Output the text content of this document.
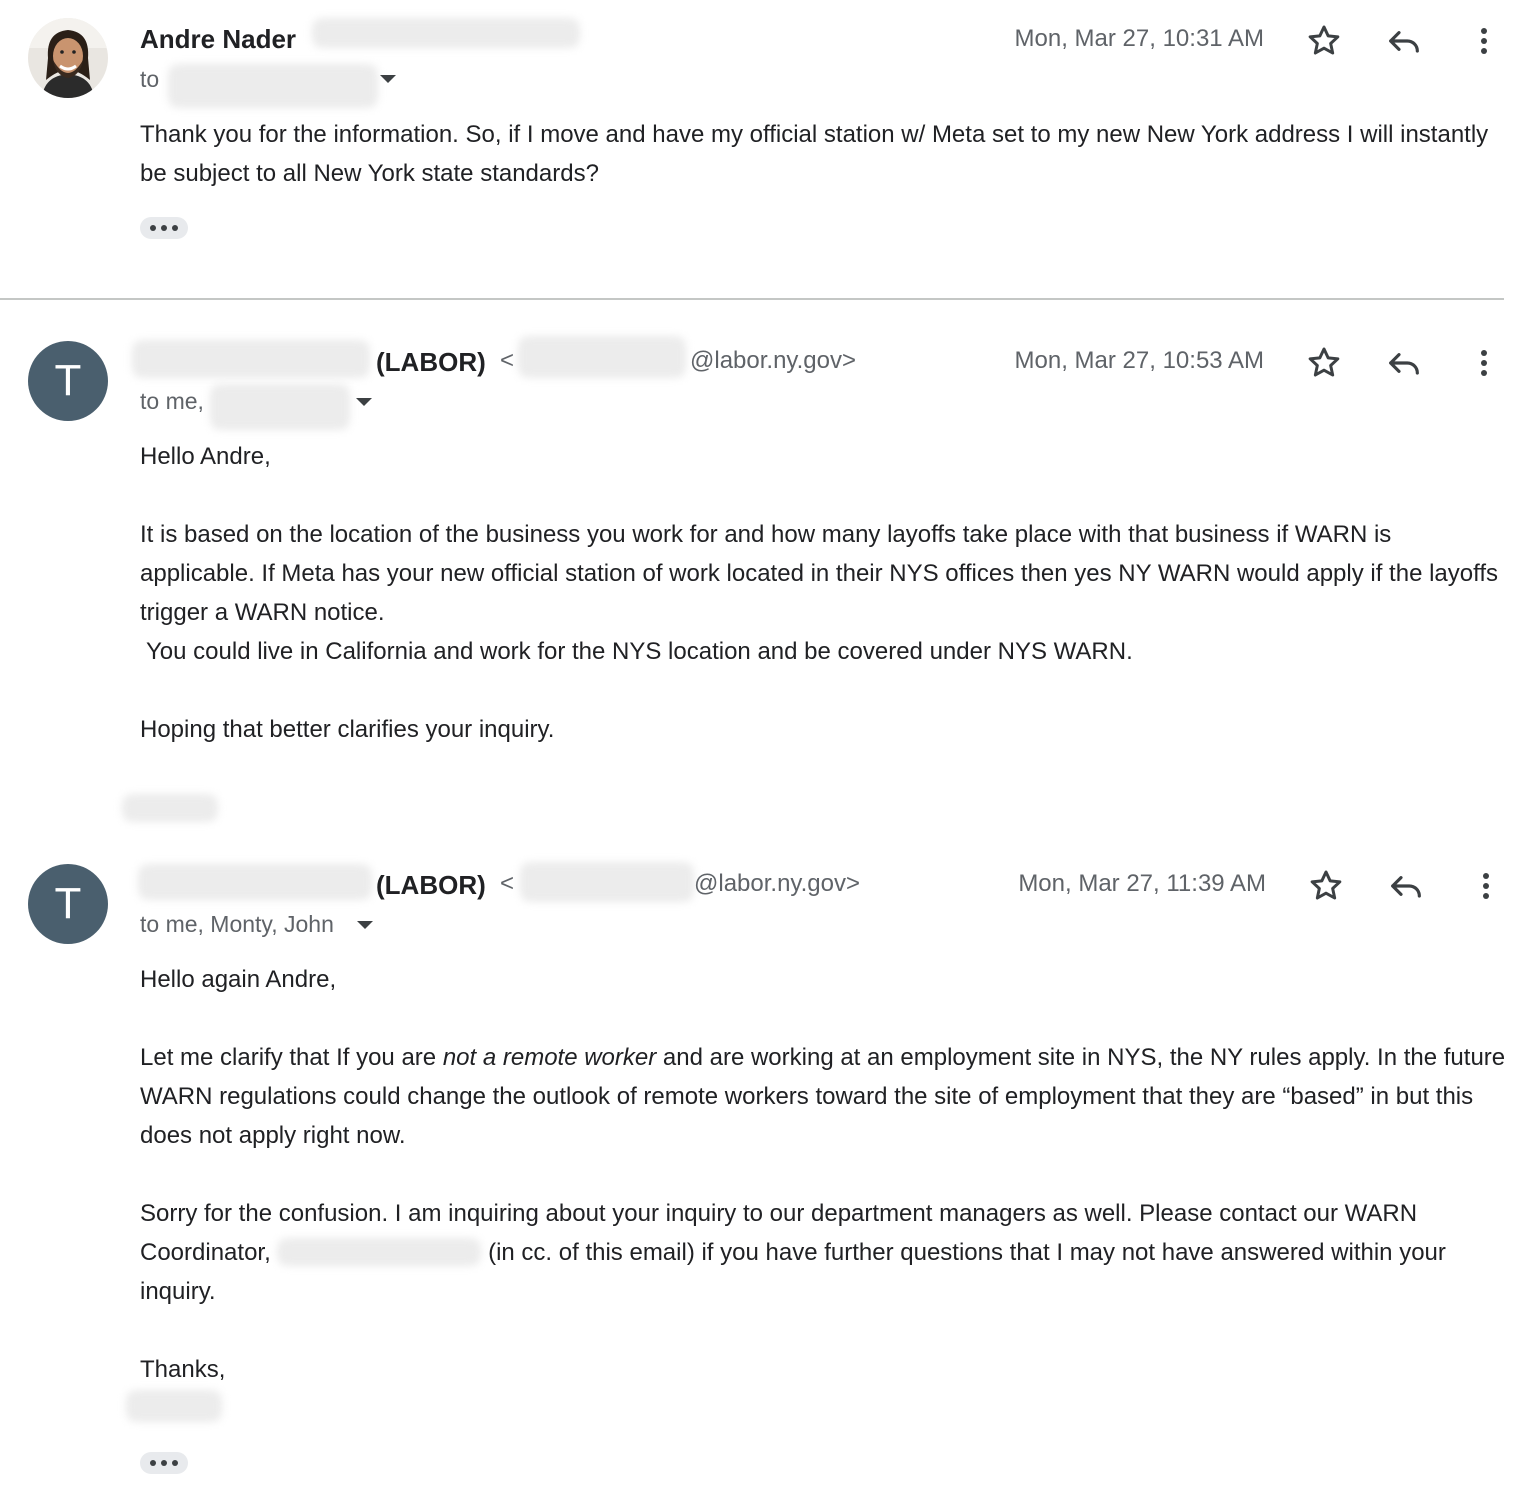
Andre Nader	Mon, Mar 27, 10:31 AM
to

Thank you for the information. So, if I move and have my official station w/ Meta set to my new New York address I will instantly be subject to all New York state standards?

T	(LABOR) <	@labor.ny.gov>	Mon, Mar 27, 10:53 AM
to me,

Hello Andre,

It is based on the location of the business you work for and how many layoffs take place with that business if WARN is applicable. If Meta has your new official station of work located in their NYS offices then yes NY WARN would apply if the layoffs trigger a WARN notice.

You could live in California and work for the NYS location and be covered under NYS WARN.

Hoping that better clarifies your inquiry.

T	(LABOR) <	@labor.ny.gov>	Mon, Mar 27, 11:39 AM
to me, Monty, John

Hello again Andre,

Let me clarify that If you are not a remote worker and are working at an employment site in NYS, the NY rules apply. In the future WARN regulations could change the outlook of remote workers toward the site of employment that they are “based” in but this does not apply right now.

Sorry for the confusion. I am inquiring about your inquiry to our department managers as well. Please contact our WARN Coordinator,	(in cc. of this email) if you have further questions that I may not have answered within your inquiry.

Thanks,
